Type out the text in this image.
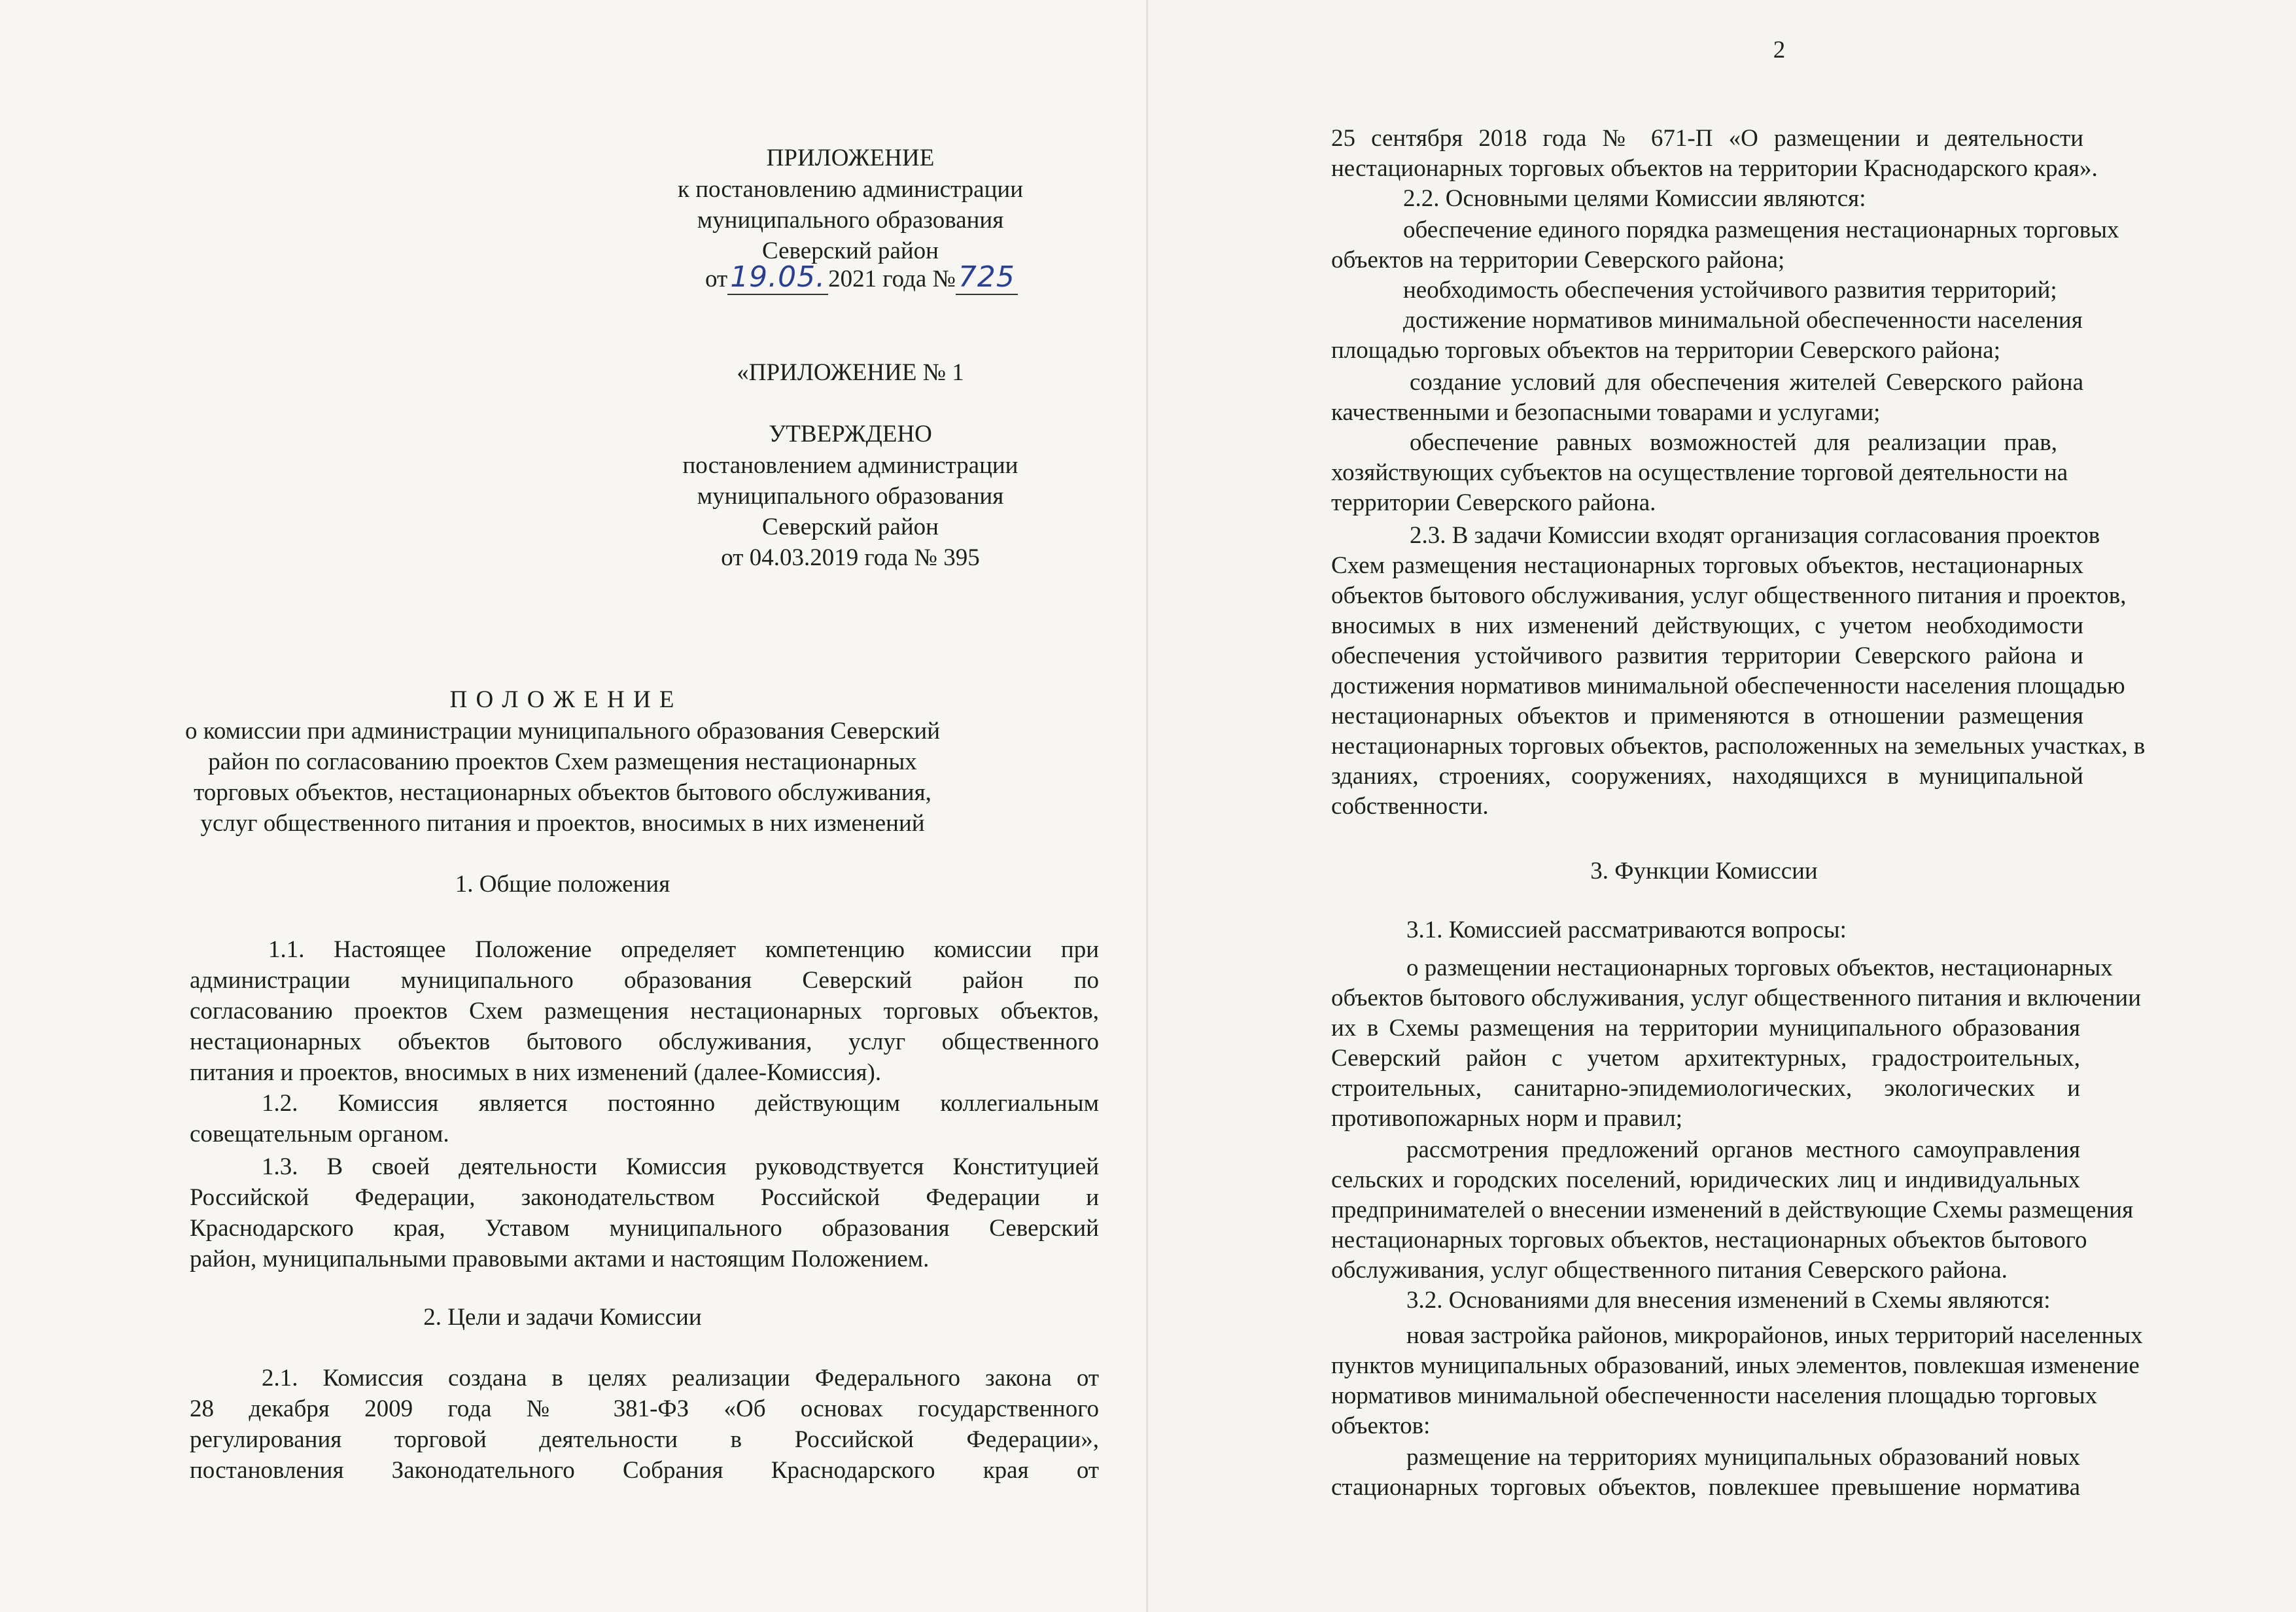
ПРИЛОЖЕНИЕ
к постановлению администрации
муниципального образования
Северский район
от19.05. 2021 года №725
«ПРИЛОЖЕНИЕ № 1
УТВЕРЖДЕНО
постановлением администрации
муниципального образования
Северский район
от 04.03.2019 года № 395
П О Л О Ж Е Н И Е
о комиссии при администрации муниципального образования Северский
район по согласованию проектов Схем размещения нестационарных
торговых объектов, нестационарных объектов бытового обслуживания,
услуг общественного питания и проектов, вносимых в них изменений
1. Общие положения
1.1. Настоящее Положение определяет компетенцию комиссии при
администрации муниципального образования Северский район по
согласованию проектов Схем размещения нестационарных торговых объектов,
нестационарных объектов бытового обслуживания, услуг общественного
питания и проектов, вносимых в них изменений (далее-Комиссия).
1.2. Комиссия является постоянно действующим коллегиальным
совещательным органом.
1.3. В своей деятельности Комиссия руководствуется Конституцией
Российской Федерации, законодательством Российской Федерации и
Краснодарского края, Уставом муниципального образования Северский
район, муниципальными правовыми актами и настоящим Положением.
2. Цели и задачи Комиссии
2.1. Комиссия создана в целях реализации Федерального закона от
28 декабря 2009 года № 381-ФЗ «Об основах государственного
регулирования торговой деятельности в Российской Федерации»,
постановления Законодательного Собрания Краснодарского края от
2
25 сентября 2018 года № 671-П «О размещении и деятельности
нестационарных торговых объектов на территории Краснодарского края».
2.2. Основными целями Комиссии являются:
обеспечение единого порядка размещения нестационарных торговых
объектов на территории Северского района;
необходимость обеспечения устойчивого развития территорий;
достижение нормативов минимальной обеспеченности населения
площадью торговых объектов на территории Северского района;
создание условий для обеспечения жителей Северского района
качественными и безопасными товарами и услугами;
обеспечение равных возможностей для реализации прав,
хозяйствующих субъектов на осуществление торговой деятельности на
территории Северского района.
2.3. В задачи Комиссии входят организация согласования проектов
Схем размещения нестационарных торговых объектов, нестационарных
объектов бытового обслуживания, услуг общественного питания и проектов,
вносимых в них изменений действующих, с учетом необходимости
обеспечения устойчивого развития территории Северского района и
достижения нормативов минимальной обеспеченности населения площадью
нестационарных объектов и применяются в отношении размещения
нестационарных торговых объектов, расположенных на земельных участках, в
зданиях, строениях, сооружениях, находящихся в муниципальной
собственности.
3. Функции Комиссии
3.1. Комиссией рассматриваются вопросы:
о размещении нестационарных торговых объектов, нестационарных
объектов бытового обслуживания, услуг общественного питания и включении
их в Схемы размещения на территории муниципального образования
Северский район с учетом архитектурных, градостроительных,
строительных, санитарно-эпидемиологических, экологических и
противопожарных норм и правил;
рассмотрения предложений органов местного самоуправления
сельских и городских поселений, юридических лиц и индивидуальных
предпринимателей о внесении изменений в действующие Схемы размещения
нестационарных торговых объектов, нестационарных объектов бытового
обслуживания, услуг общественного питания Северского района.
3.2. Основаниями для внесения изменений в Схемы являются:
новая застройка районов, микрорайонов, иных территорий населенных
пунктов муниципальных образований, иных элементов, повлекшая изменение
нормативов минимальной обеспеченности населения площадью торговых
объектов:
размещение на территориях муниципальных образований новых
стационарных торговых объектов, повлекшее превышение норматива
